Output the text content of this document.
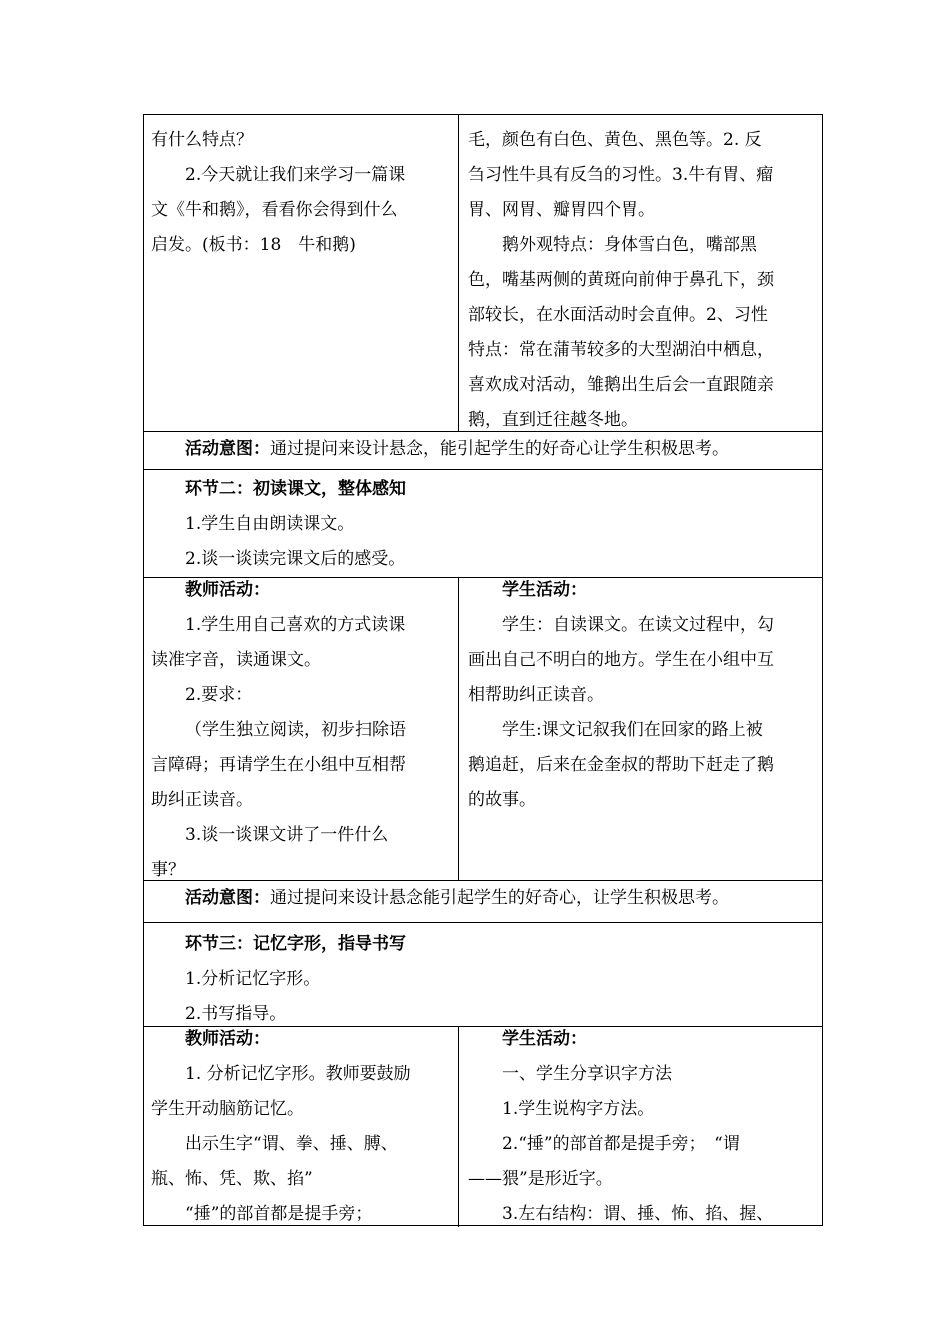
有什么特点？

2.今天就让我们来学习一篇课

文《牛和鹅》，看看你会得到什么

启发。(板书：18　牛和鹅)

毛，颜色有白色、黄色、黑色等。2. 反

刍习性牛具有反刍的习性。3.牛有胃、瘤

胃、网胃、瓣胃四个胃。

鹅外观特点：身体雪白色，嘴部黑

色，嘴基两侧的黄斑向前伸于鼻孔下，颈

部较长，在水面活动时会直伸。2、习性

特点：常在蒲苇较多的大型湖泊中栖息，

喜欢成对活动，雏鹅出生后会一直跟随亲

鹅，直到迁往越冬地。

活动意图：通过提问来设计悬念，能引起学生的好奇心让学生积极思考。

环节二：初读课文，整体感知

1.学生自由朗读课文。

2.谈一谈读完课文后的感受。

教师活动：

1.学生用自己喜欢的方式读课

读准字音，读通课文。

2.要求：

（学生独立阅读，初步扫除语

言障碍；再请学生在小组中互相帮

助纠正读音。

3.谈一谈课文讲了一件什么

事？

学生活动：

学生：自读课文。在读文过程中，勾

画出自己不明白的地方。学生在小组中互

相帮助纠正读音。

学生:课文记叙我们在回家的路上被

鹅追赶，后来在金奎叔的帮助下赶走了鹅

的故事。

活动意图：通过提问来设计悬念能引起学生的好奇心，让学生积极思考。

环节三：记忆字形，指导书写

1.分析记忆字形。

2.书写指导。

教师活动：

1. 分析记忆字形。教师要鼓励

学生开动脑筋记忆。

出示生字“谓、拳、捶、膊、

瓶、怖、凭、欺、掐”

“捶”的部首都是提手旁；

学生活动：

一、学生分享识字方法

1.学生说构字方法。

2.“捶”的部首都是提手旁；　“谓

——猥”是形近字。

3.左右结构：谓、捶、怖、掐、握、
